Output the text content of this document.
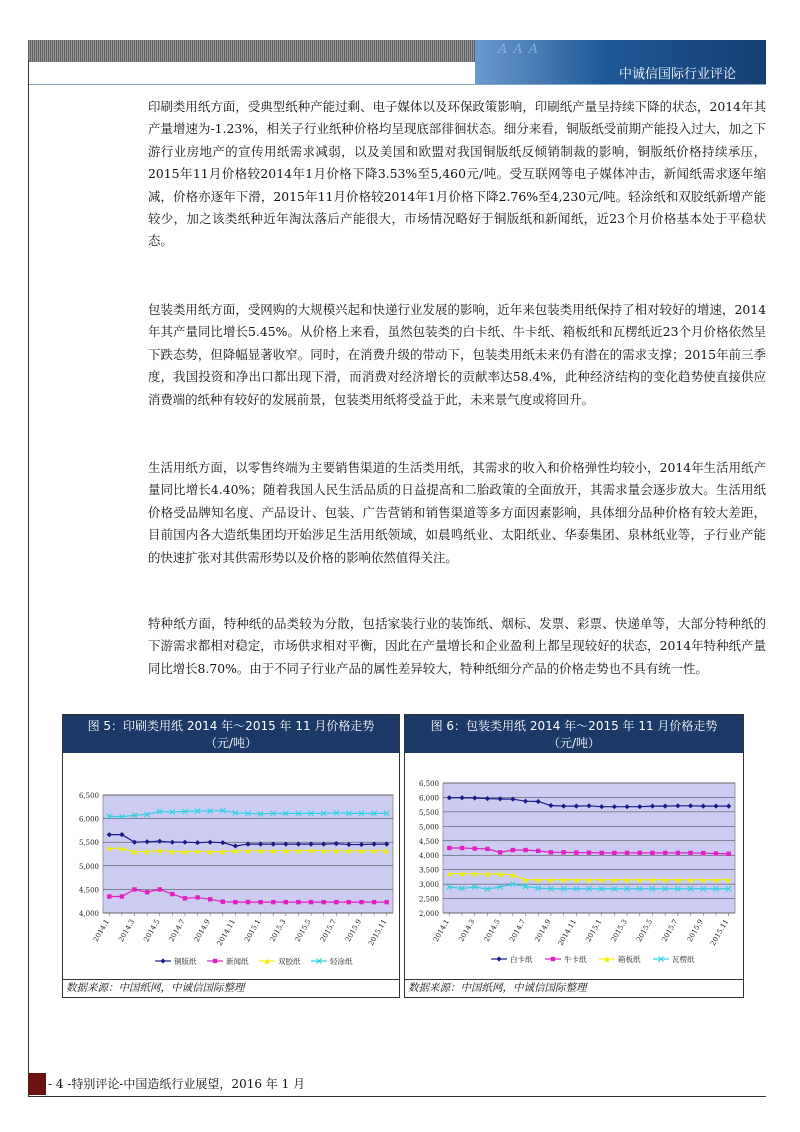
AAA
中诚信国际行业评论
印刷类用纸方面，受典型纸种产能过剩、电子媒体以及环保政策影响，印刷纸产量呈持续下降的状态，2014年其产量增速为-1.23%，相关子行业纸种价格均呈现底部徘徊状态。细分来看，铜版纸受前期产能投入过大，加之下游行业房地产的宣传用纸需求减弱，以及美国和欧盟对我国铜版纸反倾销制裁的影响，铜版纸价格持续承压，2015年11月价格较2014年1月价格下降3.53%至5,460元/吨。受互联网等电子媒体冲击，新闻纸需求逐年缩减，价格亦逐年下滑，2015年11月价格较2014年1月价格下降2.76%至4,230元/吨。轻涂纸和双胶纸新增产能较少，加之该类纸种近年淘汰落后产能很大，市场情况略好于铜版纸和新闻纸，近23个月价格基本处于平稳状态。
包装类用纸方面，受网购的大规模兴起和快递行业发展的影响，近年来包装类用纸保持了相对较好的增速，2014年其产量同比增长5.45%。从价格上来看，虽然包装类的白卡纸、牛卡纸、箱板纸和瓦楞纸近23个月价格依然呈下跌态势，但降幅显著收窄。同时，在消费升级的带动下，包装类用纸未来仍有潜在的需求支撑；2015年前三季度，我国投资和净出口都出现下滑，而消费对经济增长的贡献率达58.4%，此种经济结构的变化趋势使直接供应消费端的纸种有较好的发展前景，包装类用纸将受益于此，未来景气度或将回升。
生活用纸方面，以零售终端为主要销售渠道的生活类用纸，其需求的收入和价格弹性均较小，2014年生活用纸产量同比增长4.40%；随着我国人民生活品质的日益提高和二胎政策的全面放开，其需求量会逐步放大。生活用纸价格受品牌知名度、产品设计、包装、广告营销和销售渠道等多方面因素影响，具体细分品种价格有较大差距，目前国内各大造纸集团均开始涉足生活用纸领域，如晨鸣纸业、太阳纸业、华泰集团、泉林纸业等，子行业产能的快速扩张对其供需形势以及价格的影响依然值得关注。
特种纸方面，特种纸的品类较为分散，包括家装行业的装饰纸、烟标、发票、彩票、快递单等，大部分特种纸的下游需求都相对稳定，市场供求相对平衡，因此在产量增长和企业盈利上都呈现较好的状态，2014年特种纸产量同比增长8.70%。由于不同子行业产品的属性差异较大，特种纸细分产品的价格走势也不具有统一性。
图 5：印刷类用纸 2014 年～2015 年 11 月价格走势
（元/吨）
4,000
4,500
5,000
5,500
6,000
6,500
2014.1 2014.3 2014.5 2014.7 2014.9 2014.11 2015.1 2015.3 2015.5 2015.7 2015.9 2015.11
铜版纸	新闻纸	双胶纸	轻涂纸
数据来源：中国纸网，中诚信国际整理
图 6：包装类用纸 2014 年～2015 年 11 月价格走势
（元/吨）
2,000
2,500
3,000
3,500
4,000
4,500
5,000
5,500
6,000
6,500
2014.1 2014.3 2014.5 2014.7 2014.9 2014.11 2015.1 2015.3 2015.5 2015.7 2015.9 2015.11
白卡纸	牛卡纸	箱板纸	瓦楞纸
数据来源：中国纸网，中诚信国际整理
- 4 -特别评论-中国造纸行业展望，2016 年 1 月
